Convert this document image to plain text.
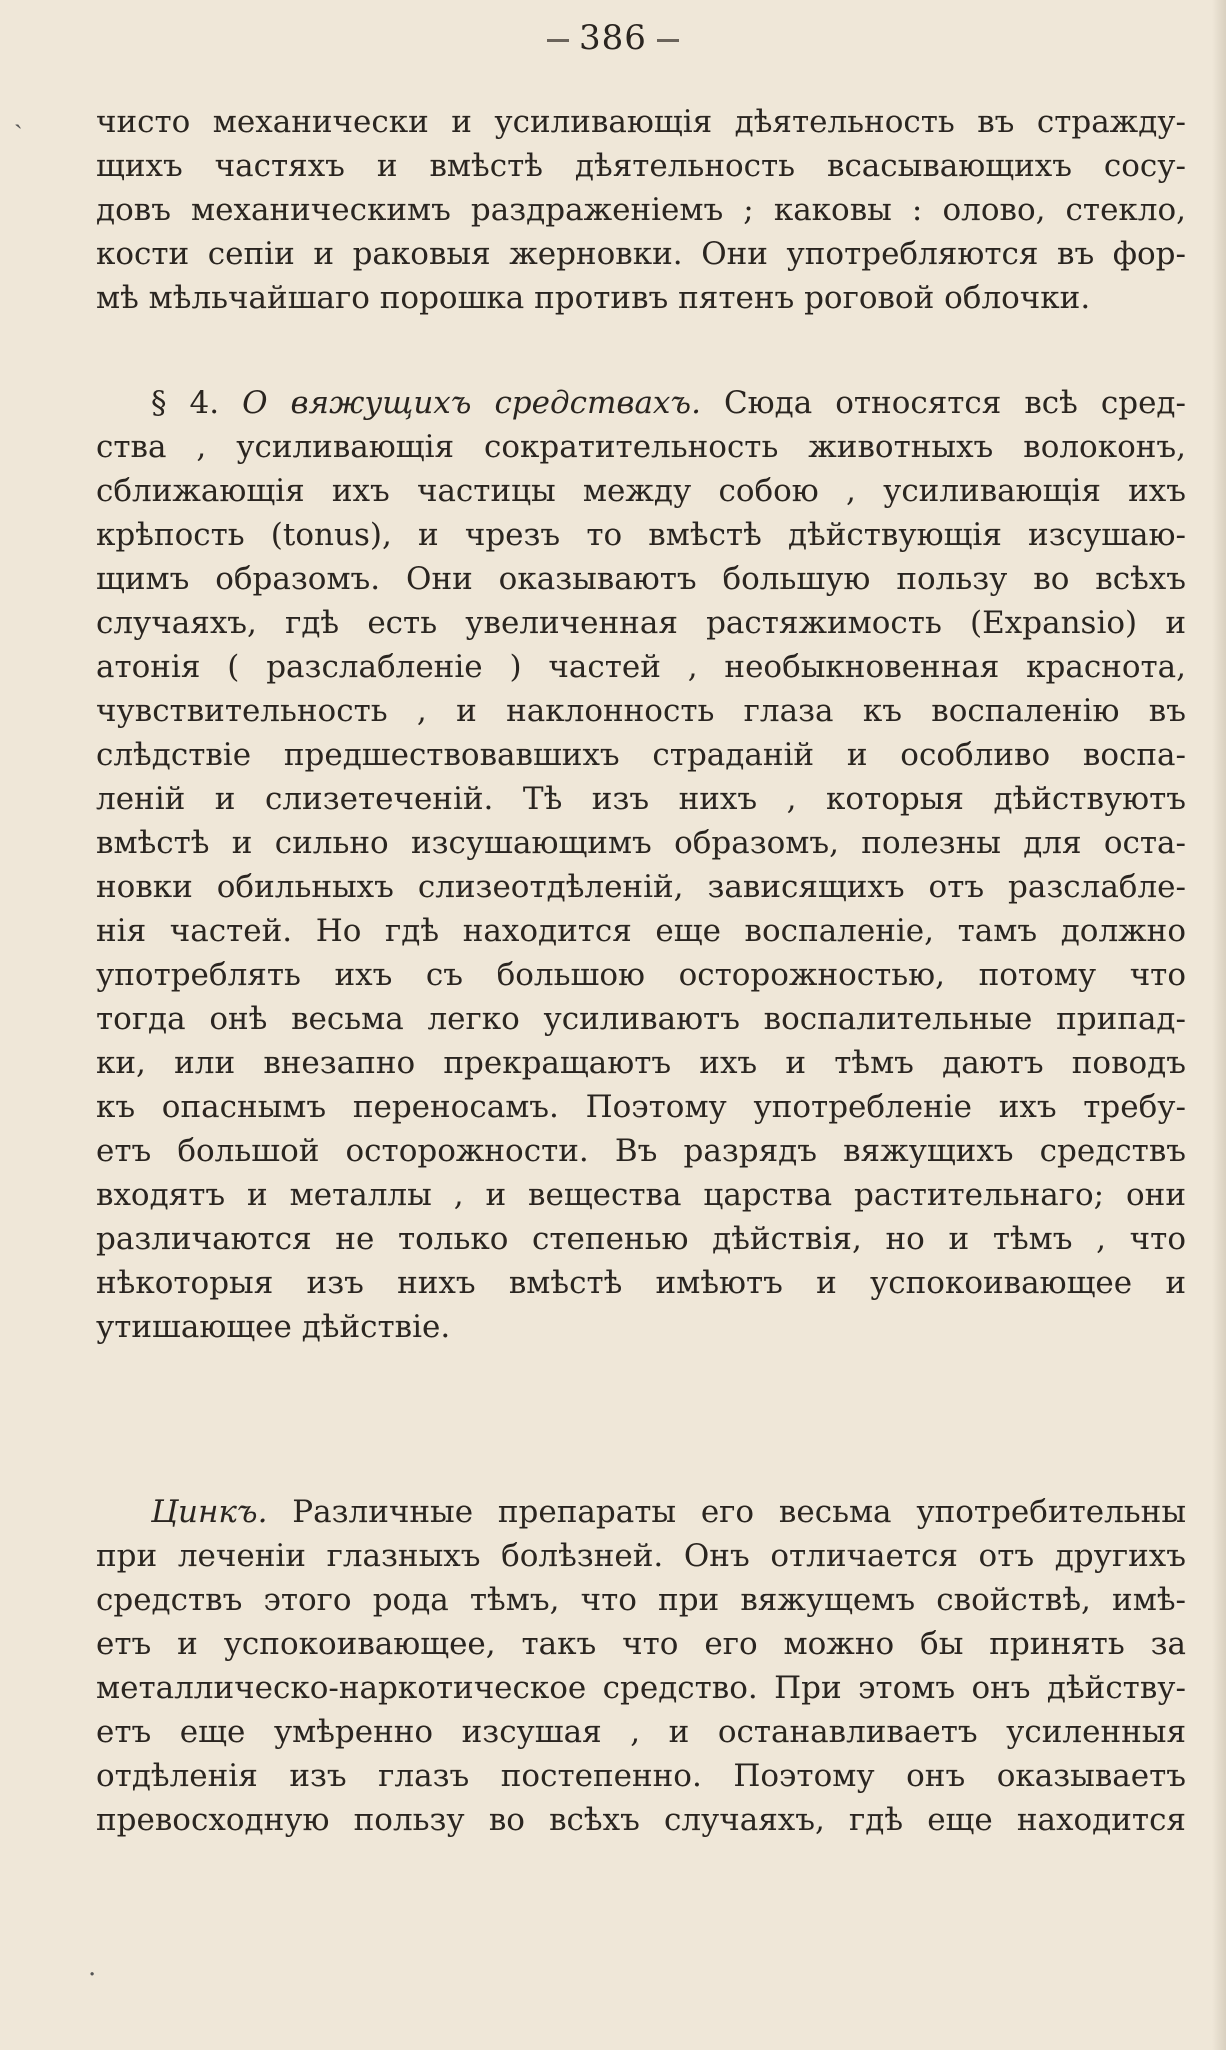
386
ˏ чисто механически и усиливающія дѣятельность въ стражду-
щихъ частяхъ и вмѣстѣ дѣятельность всасывающихъ сосу-
довъ механическимъ раздраженіемъ ; каковы : олово, стекло,
кости сепіи и раковыя жерновки. Они употребляются въ фор-
мѣ мѣльчайшаго порошка противъ пятенъ роговой облочки.
§ 4. О вяжущихъ средствахъ. Сюда относятся всѣ сред-
ства , усиливающія сократительность животныхъ волоконъ,
сближающія ихъ частицы между собою , усиливающія ихъ
крѣпость (tonus), и чрезъ то вмѣстѣ дѣйствующія изсушаю-
щимъ образомъ. Они оказываютъ большую пользу во всѣхъ
случаяхъ, гдѣ есть увеличенная растяжимость (Expansio) и
атонія ( разслабленіе ) частей , необыкновенная краснота,
чувствительность , и наклонность глаза къ воспаленію въ
слѣдствіе предшествовавшихъ страданій и особливо воспа-
леній и слизетеченій. Тѣ изъ нихъ , которыя дѣйствуютъ
вмѣстѣ и сильно изсушающимъ образомъ, полезны для оста-
новки обильныхъ слизеотдѣленій, зависящихъ отъ разслабле-
нія частей. Но гдѣ находится еще воспаленіе, тамъ должно
употреблять ихъ съ большою осторожностью, потому что
тогда онѣ весьма легко усиливаютъ воспалительные припад-
ки, или внезапно прекращаютъ ихъ и тѣмъ даютъ поводъ
къ опаснымъ переносамъ. Поэтому употребленіе ихъ требу-
етъ большой осторожности. Въ разрядъ вяжущихъ средствъ
входятъ и металлы , и вещества царства растительнаго; они
различаются не только степенью дѣйствія, но и тѣмъ , что
нѣкоторыя изъ нихъ вмѣстѣ имѣютъ и успокоивающее и
утишающее дѣйствіе.
Цинкъ. Различные препараты его весьма употребительны
при леченіи глазныхъ болѣзней. Онъ отличается отъ другихъ
средствъ этого рода тѣмъ, что при вяжущемъ свойствѣ, имѣ-
етъ и успокоивающее, такъ что его можно бы принять за
металлическо-наркотическое средство. При этомъ онъ дѣйству-
етъ еще умѣренно изсушая , и останавливаетъ усиленныя
отдѣленія изъ глазъ постепенно. Поэтому онъ оказываетъ
превосходную пользу во всѣхъ случаяхъ, гдѣ еще находится
·
